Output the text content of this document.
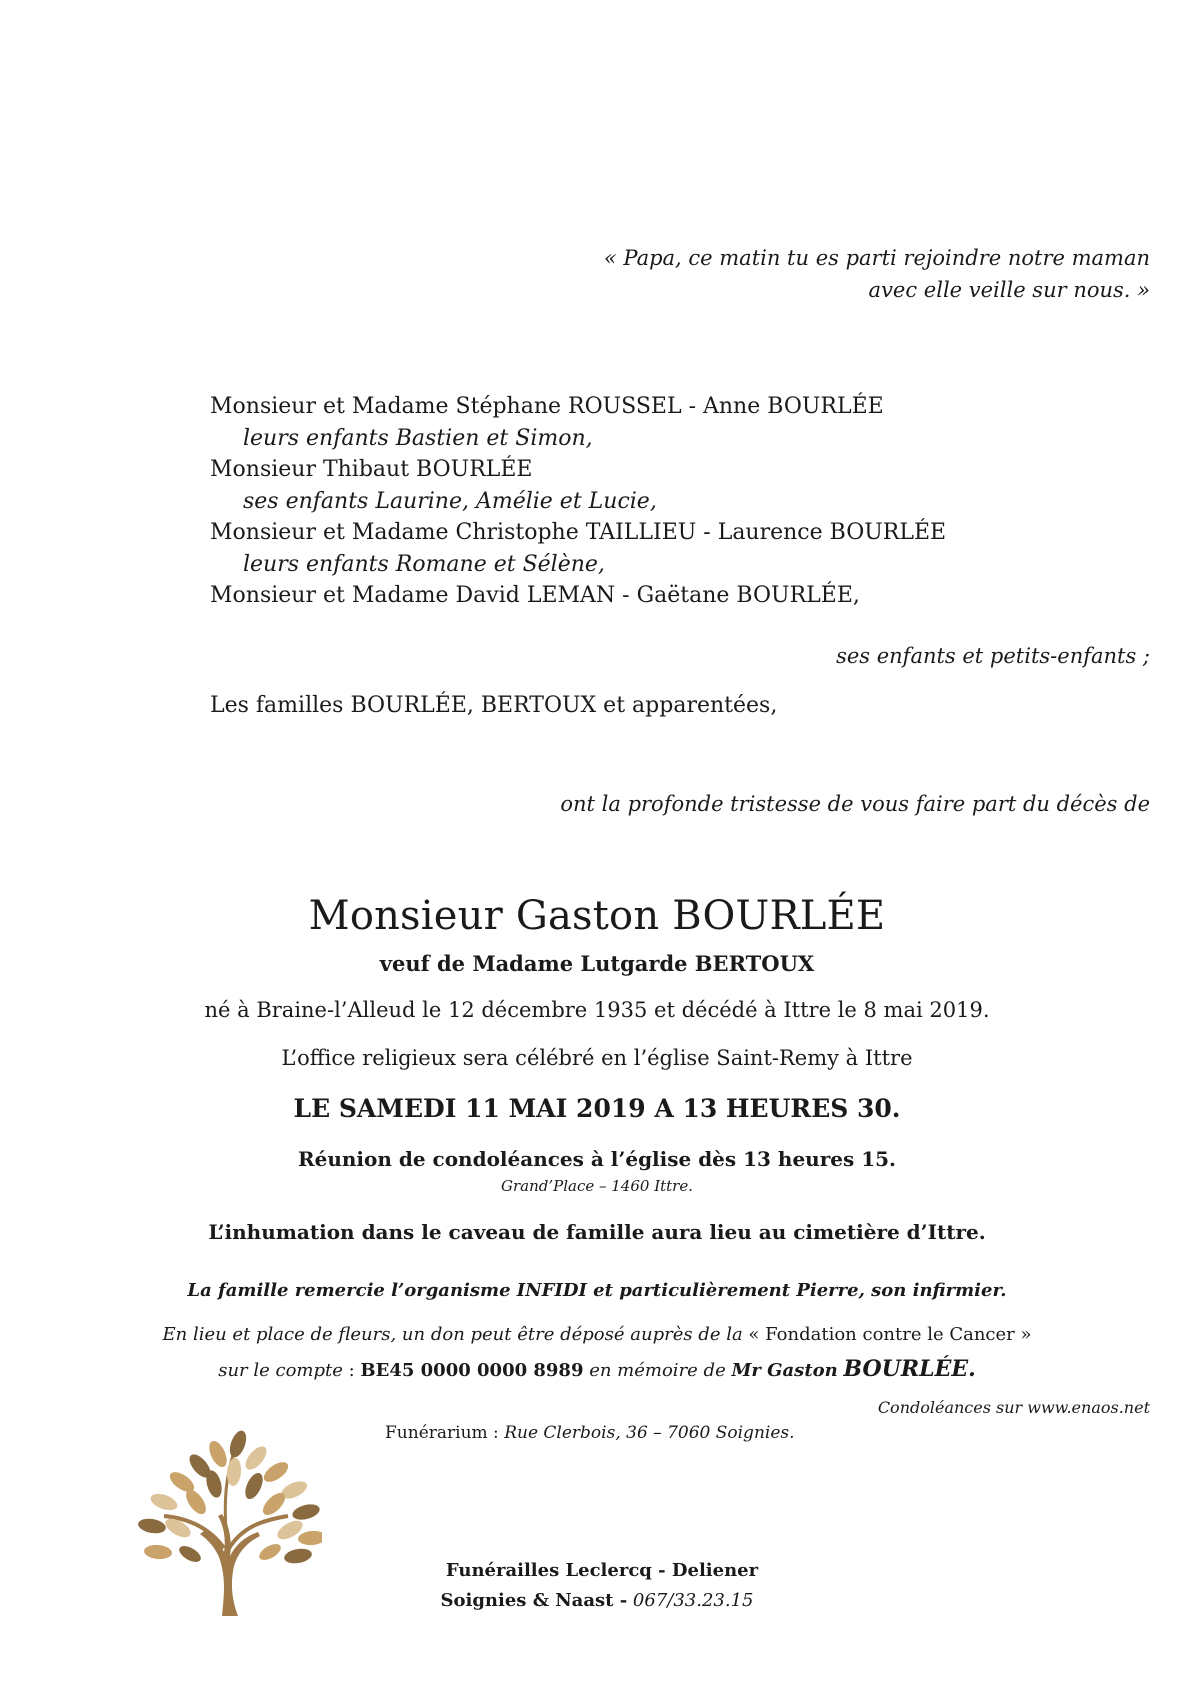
« Papa, ce matin tu es parti rejoindre notre maman
avec elle veille sur nous. »
Monsieur et Madame Stéphane ROUSSEL - Anne BOURLÉE
leurs enfants Bastien et Simon,
Monsieur Thibaut BOURLÉE
ses enfants Laurine, Amélie et Lucie,
Monsieur et Madame Christophe TAILLIEU - Laurence BOURLÉE
leurs enfants Romane et Sélène,
Monsieur et Madame David LEMAN - Gaëtane BOURLÉE,
ses enfants et petits-enfants ;
Les familles BOURLÉE, BERTOUX et apparentées,
ont la profonde tristesse de vous faire part du décès de
Monsieur Gaston BOURLÉE
veuf de Madame Lutgarde BERTOUX
né à Braine-l’Alleud le 12 décembre 1935 et décédé à Ittre le 8 mai 2019.
L’office religieux sera célébré en l’église Saint-Remy à Ittre
LE SAMEDI 11 MAI 2019 A 13 HEURES 30.
Réunion de condoléances à l’église dès 13 heures 15.
Grand’Place – 1460 Ittre.
L’inhumation dans le caveau de famille aura lieu au cimetière d’Ittre.
La famille remercie l’organisme INFIDI et particulièrement Pierre, son infirmier.
En lieu et place de fleurs, un don peut être déposé auprès de la « Fondation contre le Cancer »
sur le compte : BE45 0000 0000 8989 en mémoire de Mr Gaston BOURLÉE.
Condoléances sur www.enaos.net
Funérarium : Rue Clerbois, 36 – 7060 Soignies.
Funérailles Leclercq - Deliener
Soignies & Naast - 067/33.23.15
